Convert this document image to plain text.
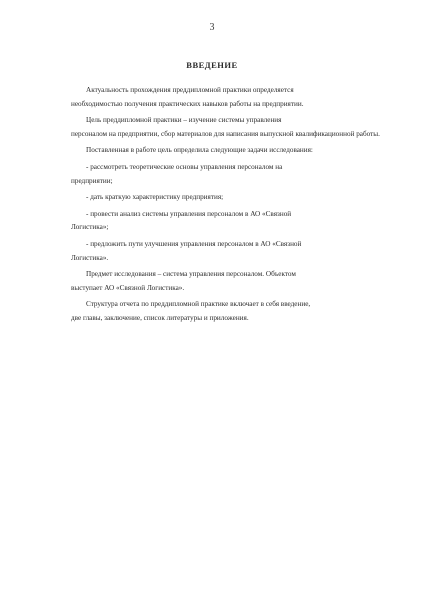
3
ВВЕДЕНИЕ
Актуальность прохождения преддипломной практики определяется
необходимостью получения практических навыков работы на предприятии.
Цель преддипломной практики – изучение системы управления
персоналом на предприятии, сбор материалов для написания выпускной квалификационной работы.
Поставленная в работе цель определила следующие задачи исследования:
- рассмотреть теоретические основы управления персоналом на
предприятии;
- дать краткую характеристику предприятия;
- провести анализ системы управления персоналом в АО «Связной
Логистика»;
- предложить пути улучшения управления персоналом в АО «Связной
Логистика».
Предмет исследования – система управления персоналом. Объектом
выступает АО «Связной Логистика».
Структура отчета по преддипломной практике включает в себя введение,
две главы, заключение, список литературы и приложения.
